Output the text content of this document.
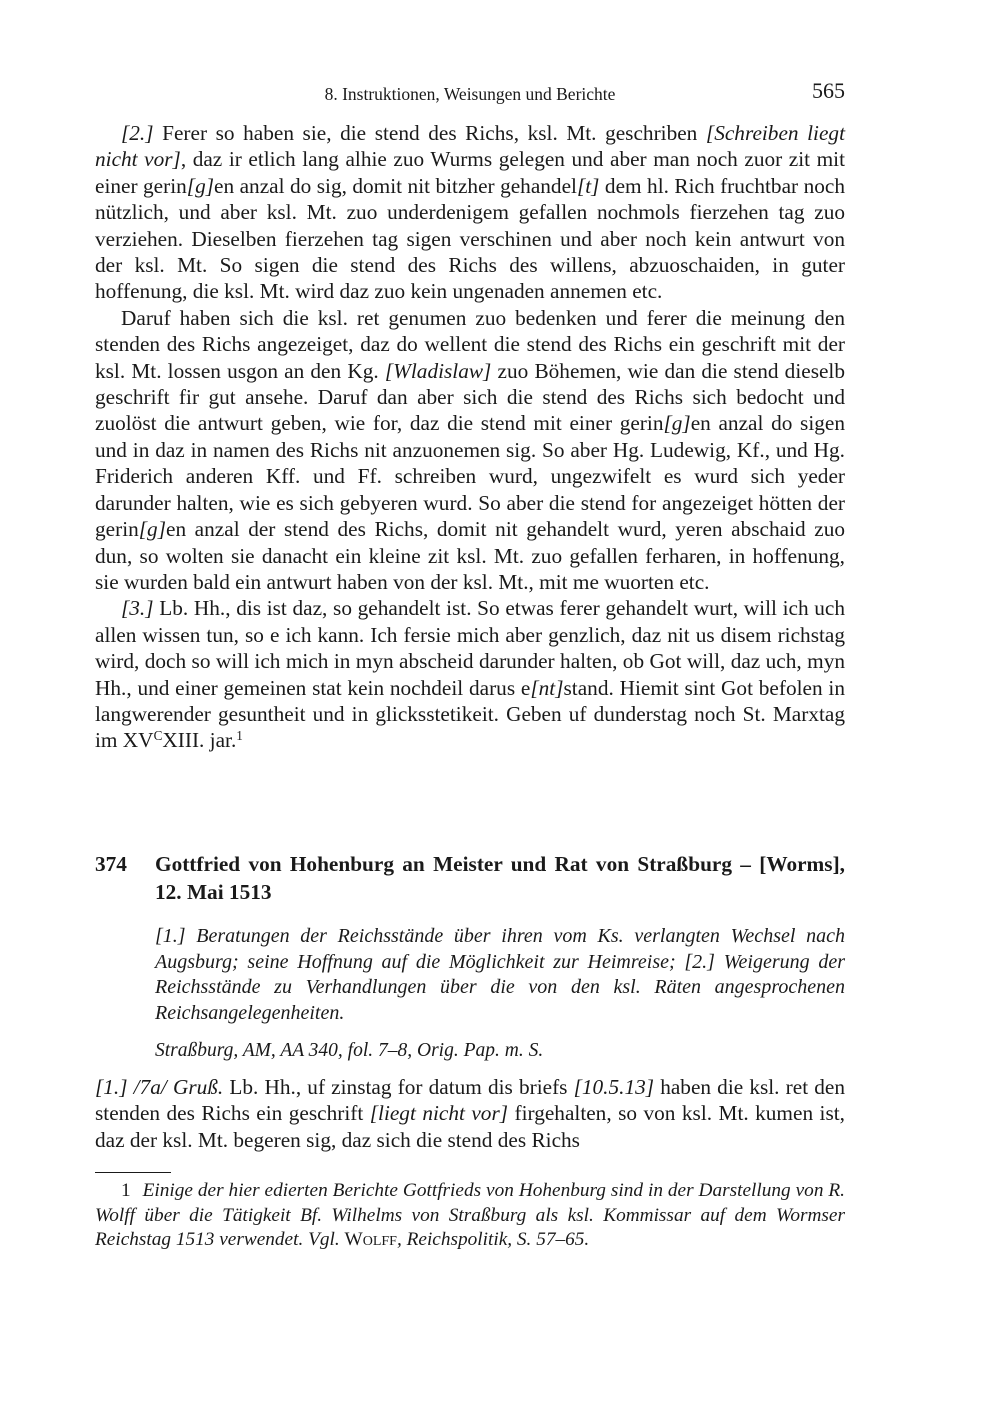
8. Instruktionen, Weisungen und Berichte	565

[2.] Ferer so haben sie, die stend des Richs, ksl. Mt. geschriben [Schreiben liegt nicht vor], daz ir etlich lang alhie zuo Wurms gelegen und aber man noch zuor zit mit einer gerin[g]en anzal do sig, domit nit bitzher gehandel[t] dem hl. Rich fruchtbar noch nützlich, und aber ksl. Mt. zuo underdenigem gefallen nochmols fierzehen tag zuo verziehen. Dieselben fierzehen tag sigen verschinen und aber noch kein antwurt von der ksl. Mt. So sigen die stend des Richs des willens, abzuoschaiden, in guter hoffenung, die ksl. Mt. wird daz zuo kein ungenaden annemen etc.

Daruf haben sich die ksl. ret genumen zuo bedenken und ferer die meinung den stenden des Richs angezeiget, daz do wellent die stend des Richs ein geschrift mit der ksl. Mt. lossen usgon an den Kg. [Wladislaw] zuo Böhemen, wie dan die stend dieselb geschrift fir gut ansehe. Daruf dan aber sich die stend des Richs sich bedocht und zuolöst die antwurt geben, wie for, daz die stend mit einer gerin[g]en anzal do sigen und in daz in namen des Richs nit anzuonemen sig. So aber Hg. Ludewig, Kf., und Hg. Friderich anderen Kff. und Ff. schreiben wurd, ungezwifelt es wurd sich yeder darunder halten, wie es sich gebyeren wurd. So aber die stend for angezeiget hötten der gerin[g]en anzal der stend des Richs, domit nit gehandelt wurd, yeren abschaid zuo dun, so wolten sie danacht ein kleine zit ksl. Mt. zuo gefallen ferharen, in hoffenung, sie wurden bald ein antwurt haben von der ksl. Mt., mit me wuorten etc.

[3.] Lb. Hh., dis ist daz, so gehandelt ist. So etwas ferer gehandelt wurt, will ich uch allen wissen tun, so e ich kann. Ich fersie mich aber genzlich, daz nit us disem richstag wird, doch so will ich mich in myn abscheid darunder halten, ob Got will, daz uch, myn Hh., und einer gemeinen stat kein nochdeil darus e[nt]stand. Hiemit sint Got befolen in langwerender gesuntheit und in glicksstetikeit. Geben uf dunderstag noch St. Marxtag im $XV^CXIII$. jar.$^1$

374 Gottfried von Hohenburg an Meister und Rat von Straßburg – [Worms], 12. Mai 1513
[1.] Beratungen der Reichsstände über ihren vom Ks. verlangten Wechsel nach Augsburg; seine Hoffnung auf die Möglichkeit zur Heimreise; [2.] Weigerung der Reichsstände zu Verhandlungen über die von den ksl. Räten angesprochenen Reichsangelegenheiten.
Straßburg, AM, AA 340, fol. 7–8, Orig. Pap. m. S.

[1.] /7a/ Gruß. Lb. Hh., uf zinstag for datum dis briefs [10.5.13] haben die ksl. ret den stenden des Richs ein geschrift [liegt nicht vor] firgehalten, so von ksl. Mt. kumen ist, daz der ksl. Mt. begeren sig, daz sich die stend des Richs

1 Einige der hier edierten Berichte Gottfrieds von Hohenburg sind in der Darstellung von R. Wolff über die Tätigkeit Bf. Wilhelms von Straßburg als ksl. Kommissar auf dem Wormser Reichstag 1513 verwendet. Vgl. Wolff, Reichspolitik, S. 57–65.
